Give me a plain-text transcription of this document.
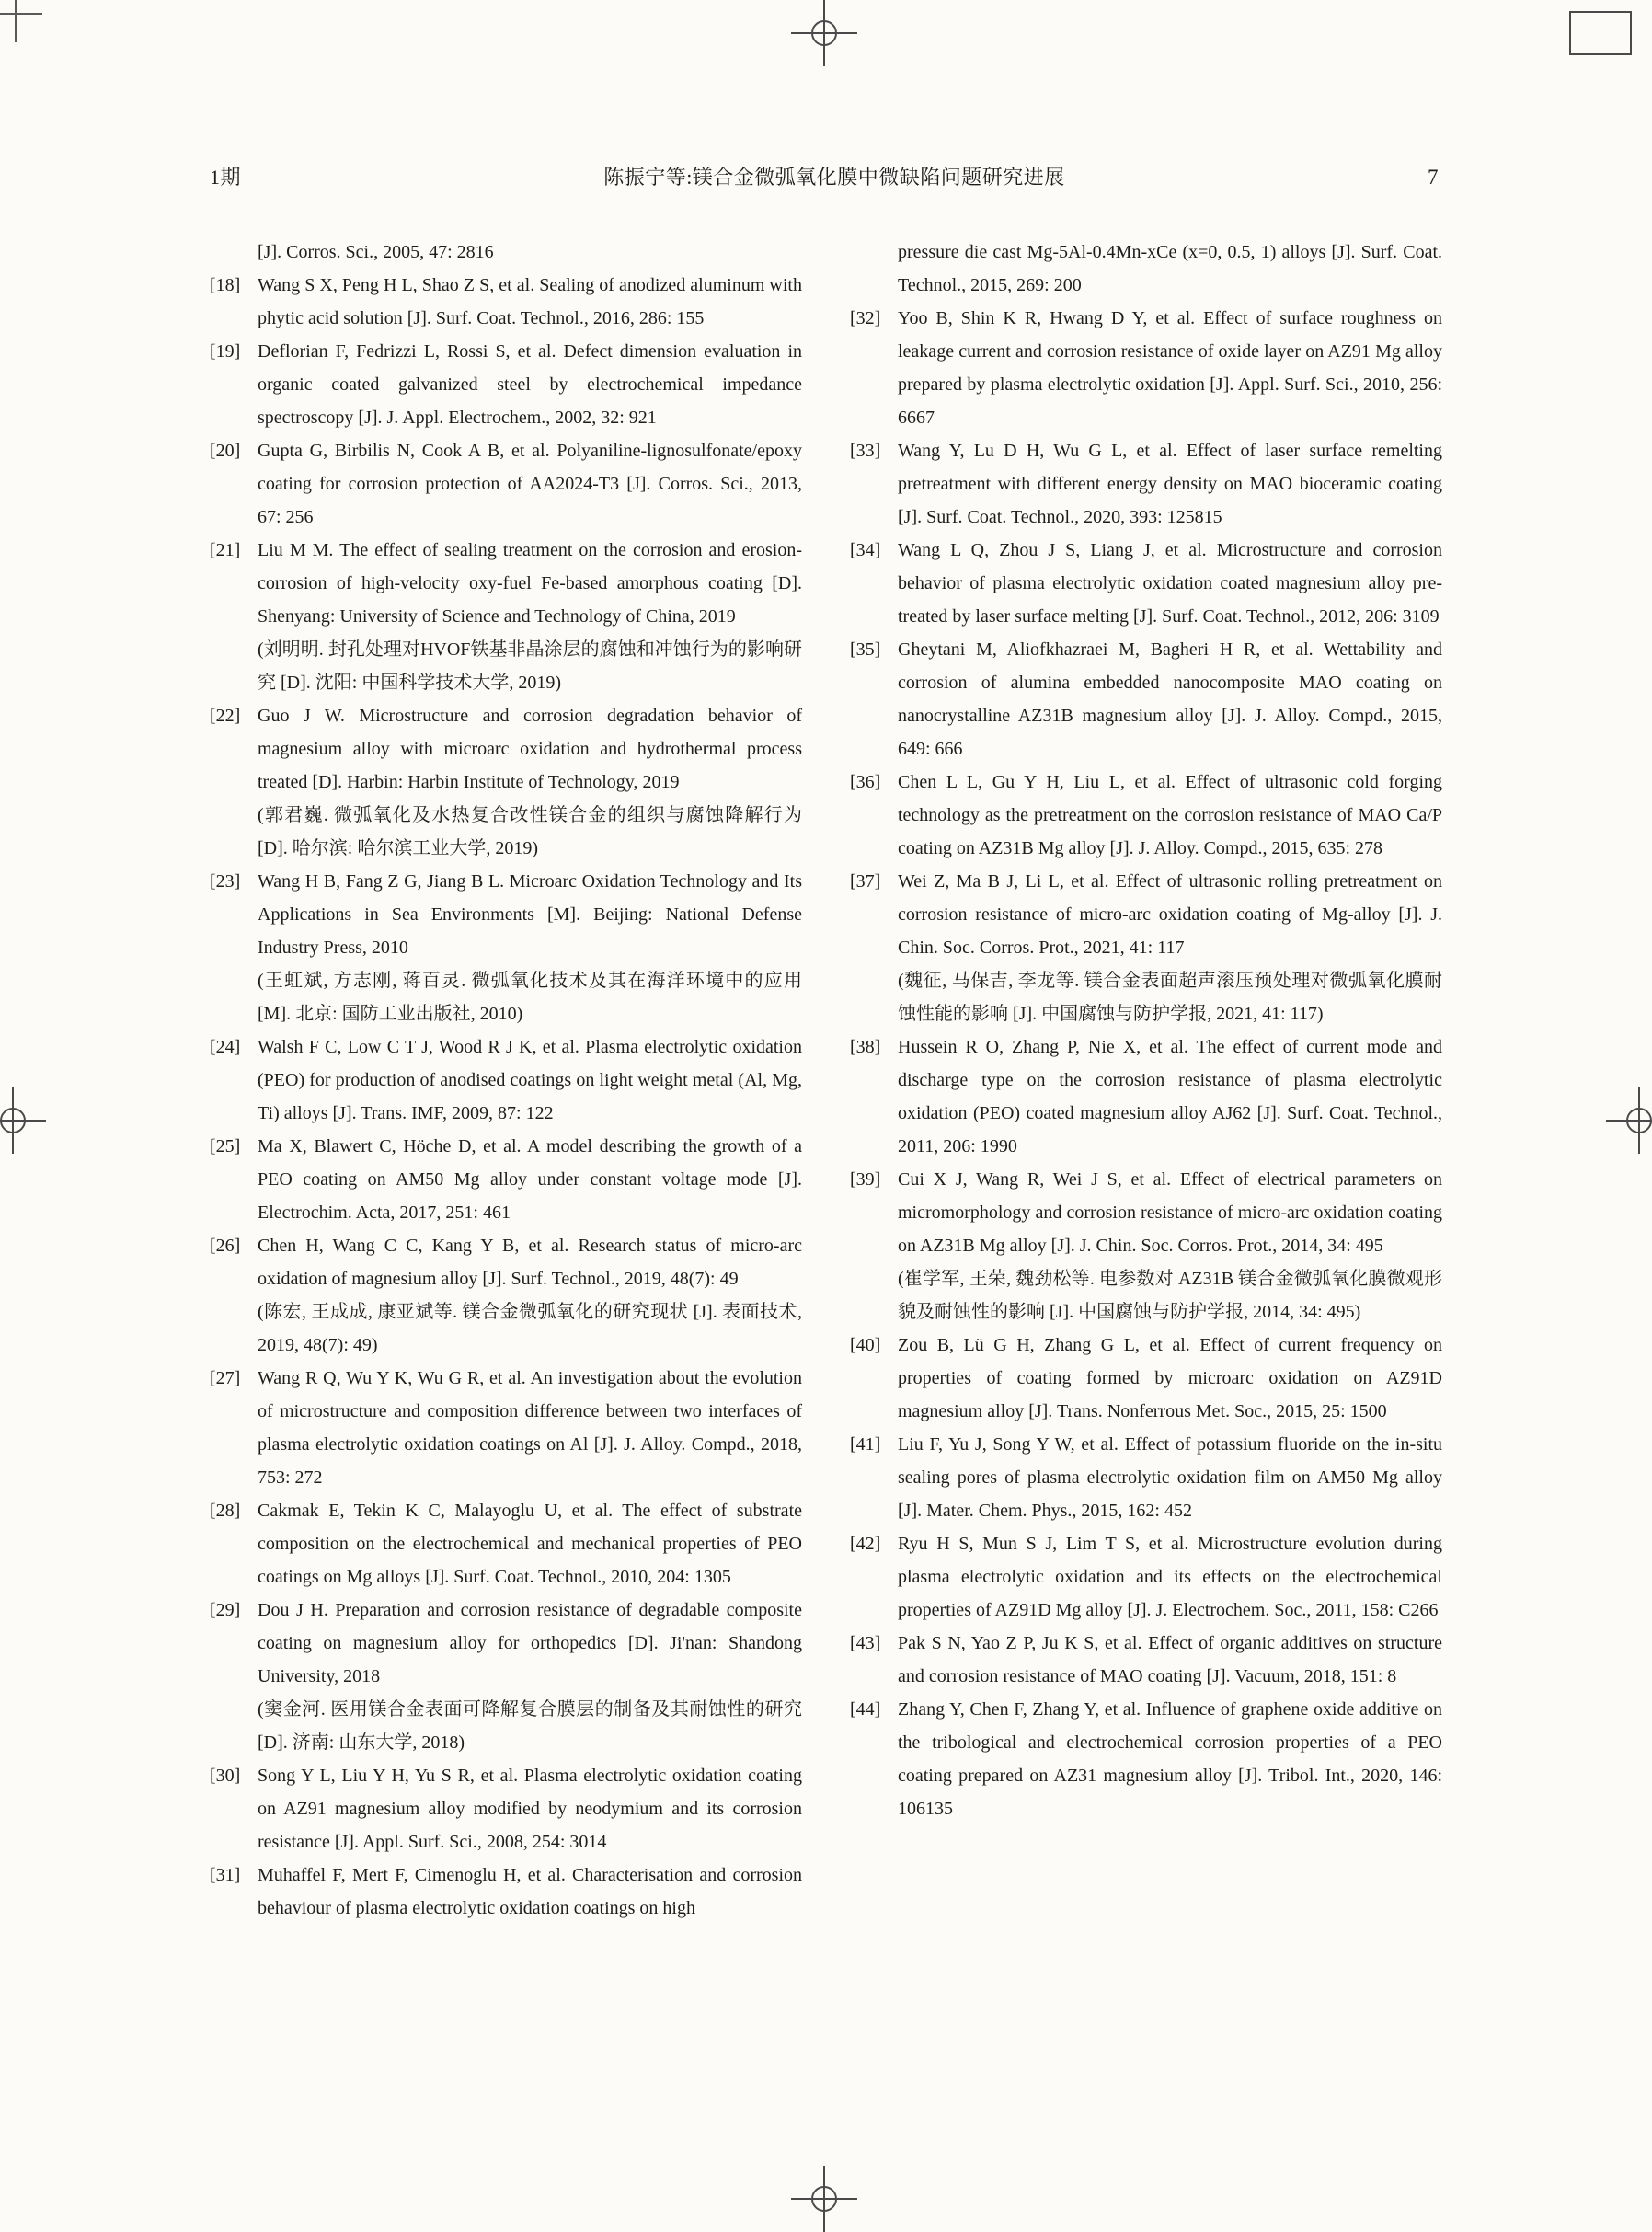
1期	陈振宁等:镁合金微弧氧化膜中微缺陷问题研究进展	7
[J]. Corros. Sci., 2005, 47: 2816
[18] Wang S X, Peng H L, Shao Z S, et al. Sealing of anodized aluminum with phytic acid solution [J]. Surf. Coat. Technol., 2016, 286: 155
[19] Deflorian F, Fedrizzi L, Rossi S, et al. Defect dimension evaluation in organic coated galvanized steel by electrochemical impedance spectroscopy [J]. J. Appl. Electrochem., 2002, 32: 921
[20] Gupta G, Birbilis N, Cook A B, et al. Polyaniline-lignosulfonate/epoxy coating for corrosion protection of AA2024-T3 [J]. Corros. Sci., 2013, 67: 256
[21] Liu M M. The effect of sealing treatment on the corrosion and erosion-corrosion of high-velocity oxy-fuel Fe-based amorphous coating [D]. Shenyang: University of Science and Technology of China, 2019
(刘明明. 封孔处理对HVOF铁基非晶涂层的腐蚀和冲蚀行为的影响研究 [D]. 沈阳: 中国科学技术大学, 2019)
[22] Guo J W. Microstructure and corrosion degradation behavior of magnesium alloy with microarc oxidation and hydrothermal process treated [D]. Harbin: Harbin Institute of Technology, 2019
(郭君巍. 微弧氧化及水热复合改性镁合金的组织与腐蚀降解行为 [D]. 哈尔滨: 哈尔滨工业大学, 2019)
[23] Wang H B, Fang Z G, Jiang B L. Microarc Oxidation Technology and Its Applications in Sea Environments [M]. Beijing: National Defense Industry Press, 2010
(王虹斌, 方志刚, 蒋百灵. 微弧氧化技术及其在海洋环境中的应用 [M]. 北京: 国防工业出版社, 2010)
[24] Walsh F C, Low C T J, Wood R J K, et al. Plasma electrolytic oxidation (PEO) for production of anodised coatings on light weight metal (Al, Mg, Ti) alloys [J]. Trans. IMF, 2009, 87: 122
[25] Ma X, Blawert C, Höche D, et al. A model describing the growth of a PEO coating on AM50 Mg alloy under constant voltage mode [J]. Electrochim. Acta, 2017, 251: 461
[26] Chen H, Wang C C, Kang Y B, et al. Research status of micro-arc oxidation of magnesium alloy [J]. Surf. Technol., 2019, 48(7): 49
(陈宏, 王成成, 康亚斌等. 镁合金微弧氧化的研究现状 [J]. 表面技术, 2019, 48(7): 49)
[27] Wang R Q, Wu Y K, Wu G R, et al. An investigation about the evolution of microstructure and composition difference between two interfaces of plasma electrolytic oxidation coatings on Al [J]. J. Alloy. Compd., 2018, 753: 272
[28] Cakmak E, Tekin K C, Malayoglu U, et al. The effect of substrate composition on the electrochemical and mechanical properties of PEO coatings on Mg alloys [J]. Surf. Coat. Technol., 2010, 204: 1305
[29] Dou J H. Preparation and corrosion resistance of degradable composite coating on magnesium alloy for orthopedics [D]. Ji'nan: Shandong University, 2018
(窦金河. 医用镁合金表面可降解复合膜层的制备及其耐蚀性的研究 [D]. 济南: 山东大学, 2018)
[30] Song Y L, Liu Y H, Yu S R, et al. Plasma electrolytic oxidation coating on AZ91 magnesium alloy modified by neodymium and its corrosion resistance [J]. Appl. Surf. Sci., 2008, 254: 3014
[31] Muhaffel F, Mert F, Cimenoglu H, et al. Characterisation and corrosion behaviour of plasma electrolytic oxidation coatings on high
pressure die cast Mg-5Al-0.4Mn-xCe (x=0, 0.5, 1) alloys [J]. Surf. Coat. Technol., 2015, 269: 200
[32] Yoo B, Shin K R, Hwang D Y, et al. Effect of surface roughness on leakage current and corrosion resistance of oxide layer on AZ91 Mg alloy prepared by plasma electrolytic oxidation [J]. Appl. Surf. Sci., 2010, 256: 6667
[33] Wang Y, Lu D H, Wu G L, et al. Effect of laser surface remelting pretreatment with different energy density on MAO bioceramic coating [J]. Surf. Coat. Technol., 2020, 393: 125815
[34] Wang L Q, Zhou J S, Liang J, et al. Microstructure and corrosion behavior of plasma electrolytic oxidation coated magnesium alloy pre-treated by laser surface melting [J]. Surf. Coat. Technol., 2012, 206: 3109
[35] Gheytani M, Aliofkhazraei M, Bagheri H R, et al. Wettability and corrosion of alumina embedded nanocomposite MAO coating on nanocrystalline AZ31B magnesium alloy [J]. J. Alloy. Compd., 2015, 649: 666
[36] Chen L L, Gu Y H, Liu L, et al. Effect of ultrasonic cold forging technology as the pretreatment on the corrosion resistance of MAO Ca/P coating on AZ31B Mg alloy [J]. J. Alloy. Compd., 2015, 635: 278
[37] Wei Z, Ma B J, Li L, et al. Effect of ultrasonic rolling pretreatment on corrosion resistance of micro-arc oxidation coating of Mg-alloy [J]. J. Chin. Soc. Corros. Prot., 2021, 41: 117
(魏征, 马保吉, 李龙等. 镁合金表面超声滚压预处理对微弧氧化膜耐蚀性能的影响 [J]. 中国腐蚀与防护学报, 2021, 41: 117)
[38] Hussein R O, Zhang P, Nie X, et al. The effect of current mode and discharge type on the corrosion resistance of plasma electrolytic oxidation (PEO) coated magnesium alloy AJ62 [J]. Surf. Coat. Technol., 2011, 206: 1990
[39] Cui X J, Wang R, Wei J S, et al. Effect of electrical parameters on micromorphology and corrosion resistance of micro-arc oxidation coating on AZ31B Mg alloy [J]. J. Chin. Soc. Corros. Prot., 2014, 34: 495
(崔学军, 王荣, 魏劲松等. 电参数对 AZ31B 镁合金微弧氧化膜微观形貌及耐蚀性的影响 [J]. 中国腐蚀与防护学报, 2014, 34: 495)
[40] Zou B, Lü G H, Zhang G L, et al. Effect of current frequency on properties of coating formed by microarc oxidation on AZ91D magnesium alloy [J]. Trans. Nonferrous Met. Soc., 2015, 25: 1500
[41] Liu F, Yu J, Song Y W, et al. Effect of potassium fluoride on the in-situ sealing pores of plasma electrolytic oxidation film on AM50 Mg alloy [J]. Mater. Chem. Phys., 2015, 162: 452
[42] Ryu H S, Mun S J, Lim T S, et al. Microstructure evolution during plasma electrolytic oxidation and its effects on the electrochemical properties of AZ91D Mg alloy [J]. J. Electrochem. Soc., 2011, 158: C266
[43] Pak S N, Yao Z P, Ju K S, et al. Effect of organic additives on structure and corrosion resistance of MAO coating [J]. Vacuum, 2018, 151: 8
[44] Zhang Y, Chen F, Zhang Y, et al. Influence of graphene oxide additive on the tribological and electrochemical corrosion properties of a PEO coating prepared on AZ31 magnesium alloy [J]. Tribol. Int., 2020, 146: 106135
